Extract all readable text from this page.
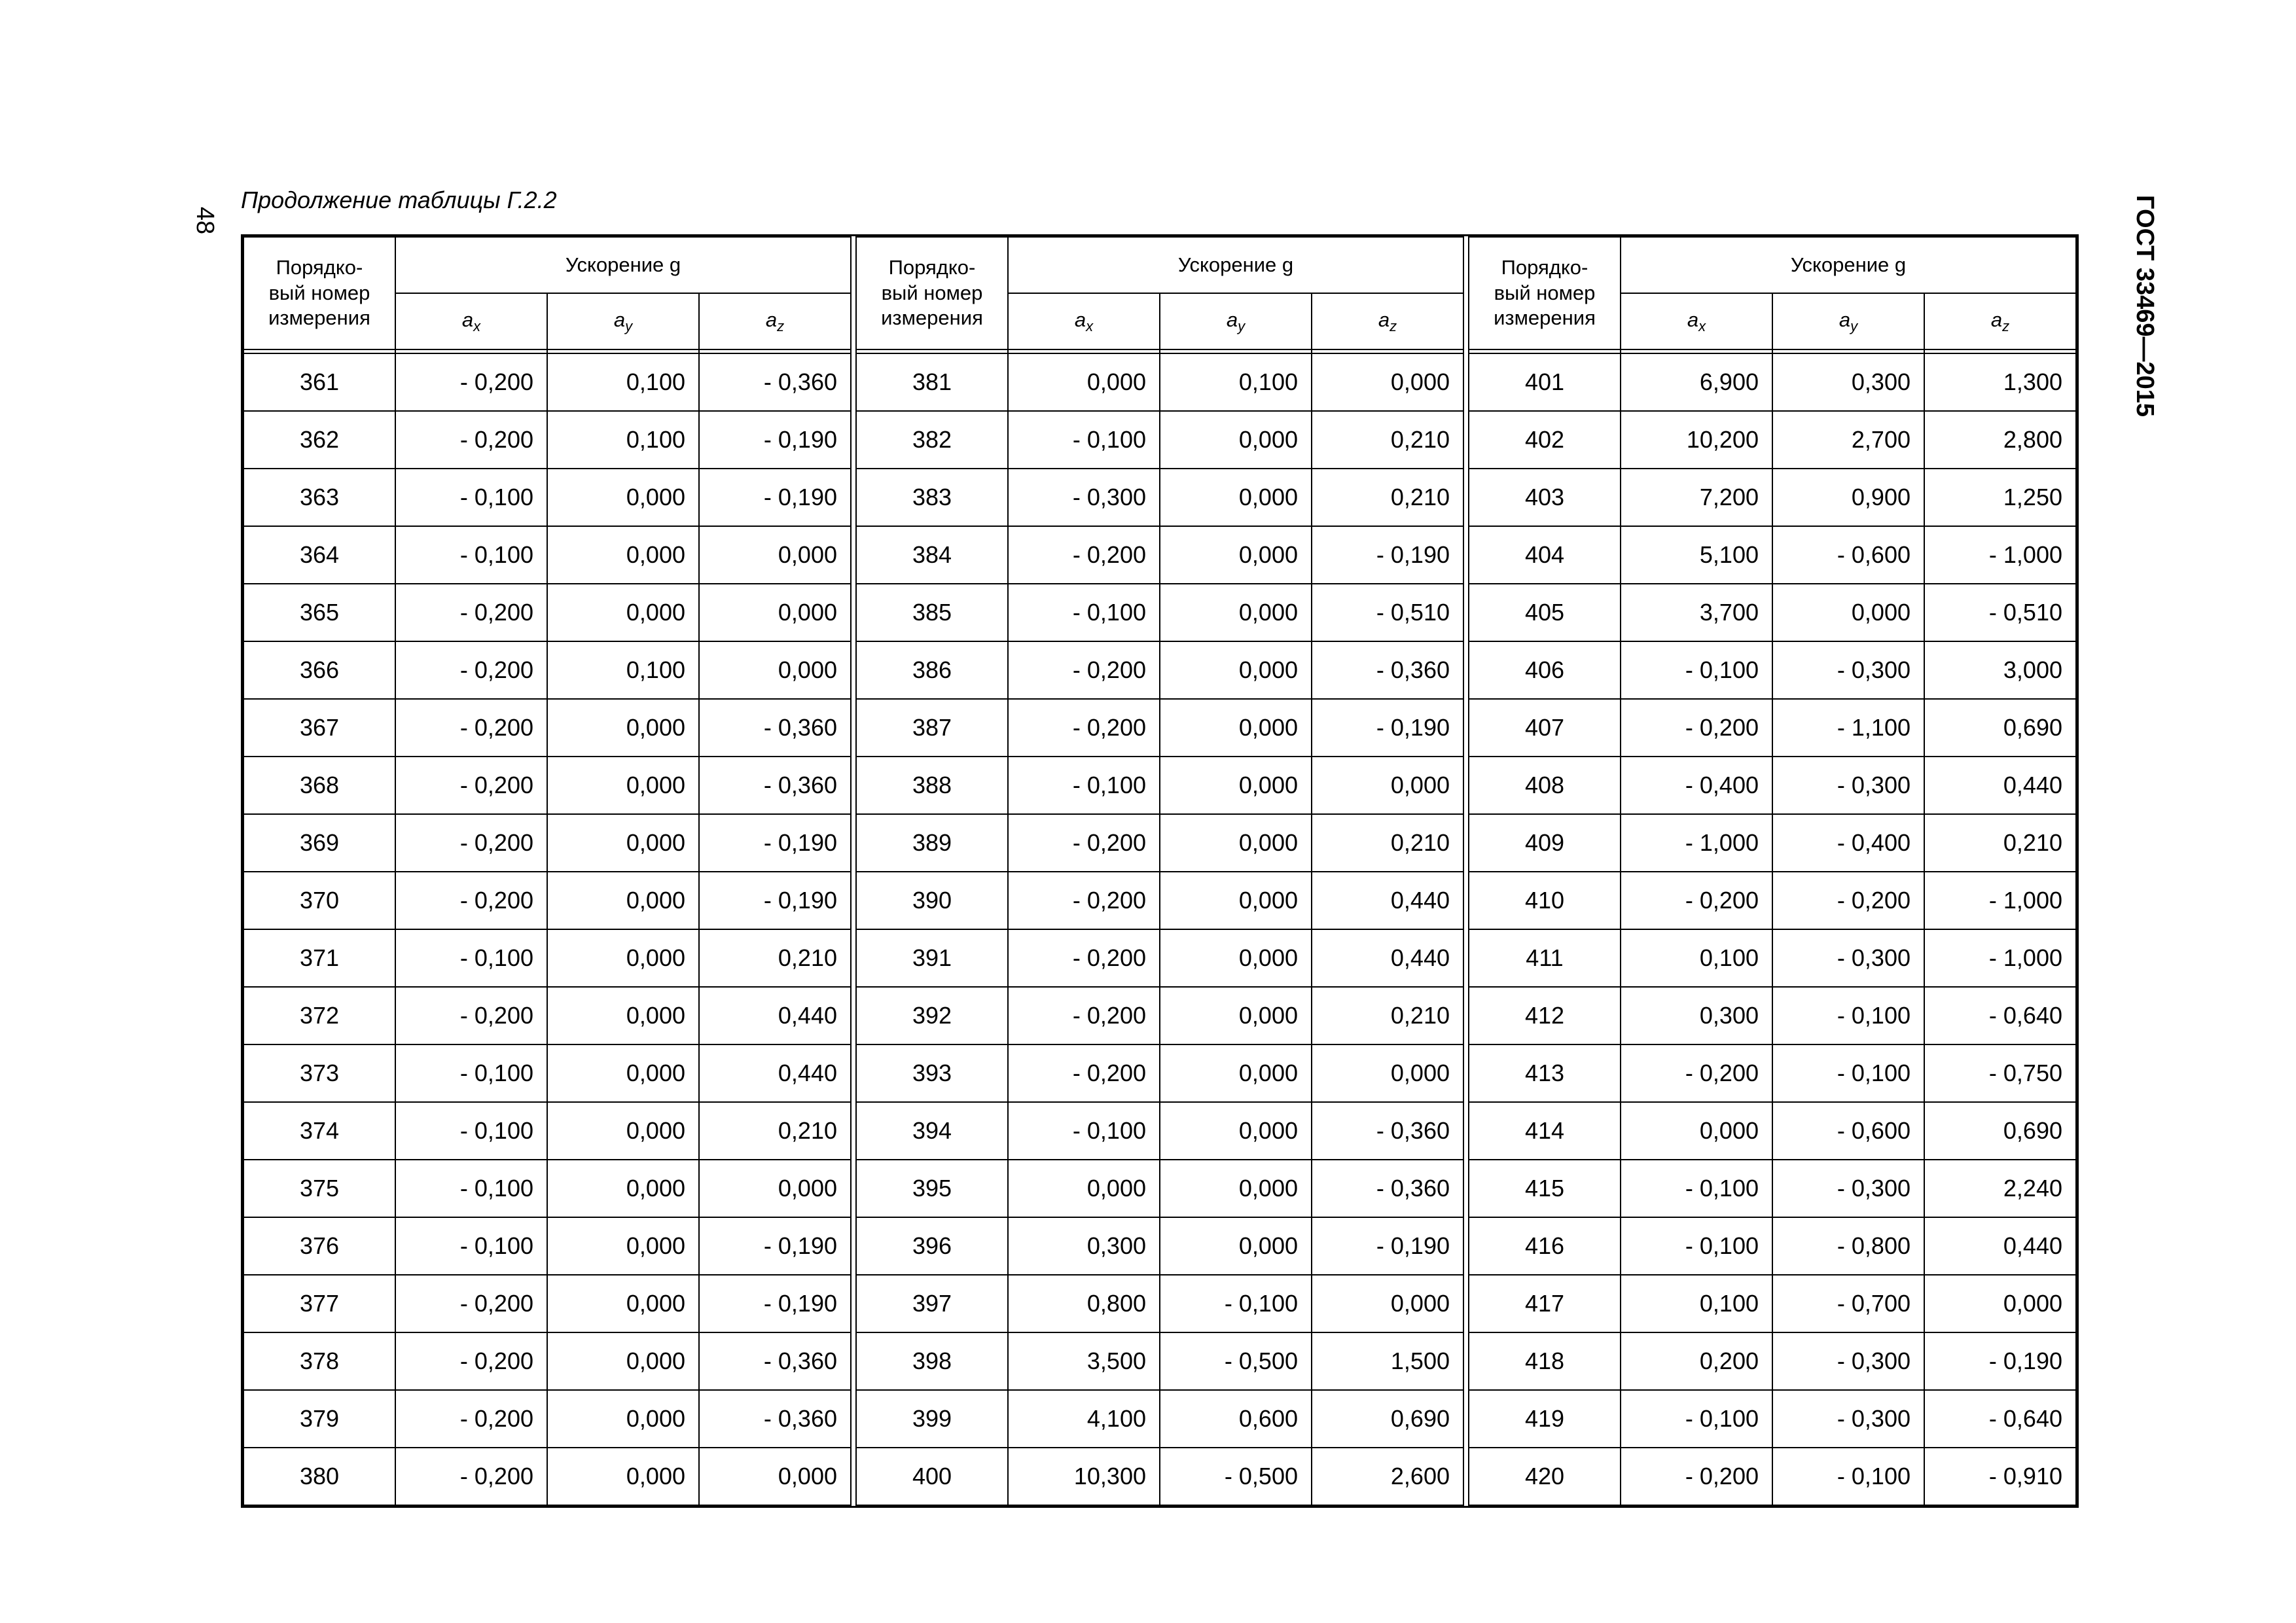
48
Продолжение таблицы Г.2.2	ГОСТ 33469—2015
Порядко-
вый номер
измерения	Ускорение g		
	$a_x$	$a_y$	$a_z$

361	- 0,200	0,100	- 0,360
362	- 0,200	0,100	- 0,190
363	- 0,100	0,000	- 0,190
364	- 0,100	0,000	0,000
365	- 0,200	0,000	0,000
366	- 0,200	0,100	0,000
367	- 0,200	0,000	- 0,360
368	- 0,200	0,000	- 0,360
369	- 0,200	0,000	- 0,190
370	- 0,200	0,000	- 0,190
371	- 0,100	0,000	0,210
372	- 0,200	0,000	0,440
373	- 0,100	0,000	0,440
374	- 0,100	0,000	0,210
375	- 0,100	0,000	0,000
376	- 0,100	0,000	- 0,190
377	- 0,200	0,000	- 0,190
378	- 0,200	0,000	- 0,360
379	- 0,200	0,000	- 0,360
380	- 0,200	0,000	0,000
Порядко-
вый номер
измерения	Ускорение g		
	$a_x$	$a_y$	$a_z$

381	0,000	0,100	0,000
382	- 0,100	0,000	0,210
383	- 0,300	0,000	0,210
384	- 0,200	0,000	- 0,190
385	- 0,100	0,000	- 0,510
386	- 0,200	0,000	- 0,360
387	- 0,200	0,000	- 0,190
388	- 0,100	0,000	0,000
389	- 0,200	0,000	0,210
390	- 0,200	0,000	0,440
391	- 0,200	0,000	0,440
392	- 0,200	0,000	0,210
393	- 0,200	0,000	0,000
394	- 0,100	0,000	- 0,360
395	0,000	0,000	- 0,360
396	0,300	0,000	- 0,190
397	0,800	- 0,100	0,000
398	3,500	- 0,500	1,500
399	4,100	0,600	0,690
400	10,300	- 0,500	2,600
Порядко-
вый номер
измерения	Ускорение g		
	$a_x$	$a_y$	$a_z$

401	6,900	0,300	1,300
402	10,200	2,700	2,800
403	7,200	0,900	1,250
404	5,100	- 0,600	- 1,000
405	3,700	0,000	- 0,510
406	- 0,100	- 0,300	3,000
407	- 0,200	- 1,100	0,690
408	- 0,400	- 0,300	0,440
409	- 1,000	- 0,400	0,210
410	- 0,200	- 0,200	- 1,000
411	0,100	- 0,300	- 1,000
412	0,300	- 0,100	- 0,640
413	- 0,200	- 0,100	- 0,750
414	0,000	- 0,600	0,690
415	- 0,100	- 0,300	2,240
416	- 0,100	- 0,800	0,440
417	0,100	- 0,700	0,000
418	0,200	- 0,300	- 0,190
419	- 0,100	- 0,300	- 0,640
420	- 0,200	- 0,100	- 0,910
